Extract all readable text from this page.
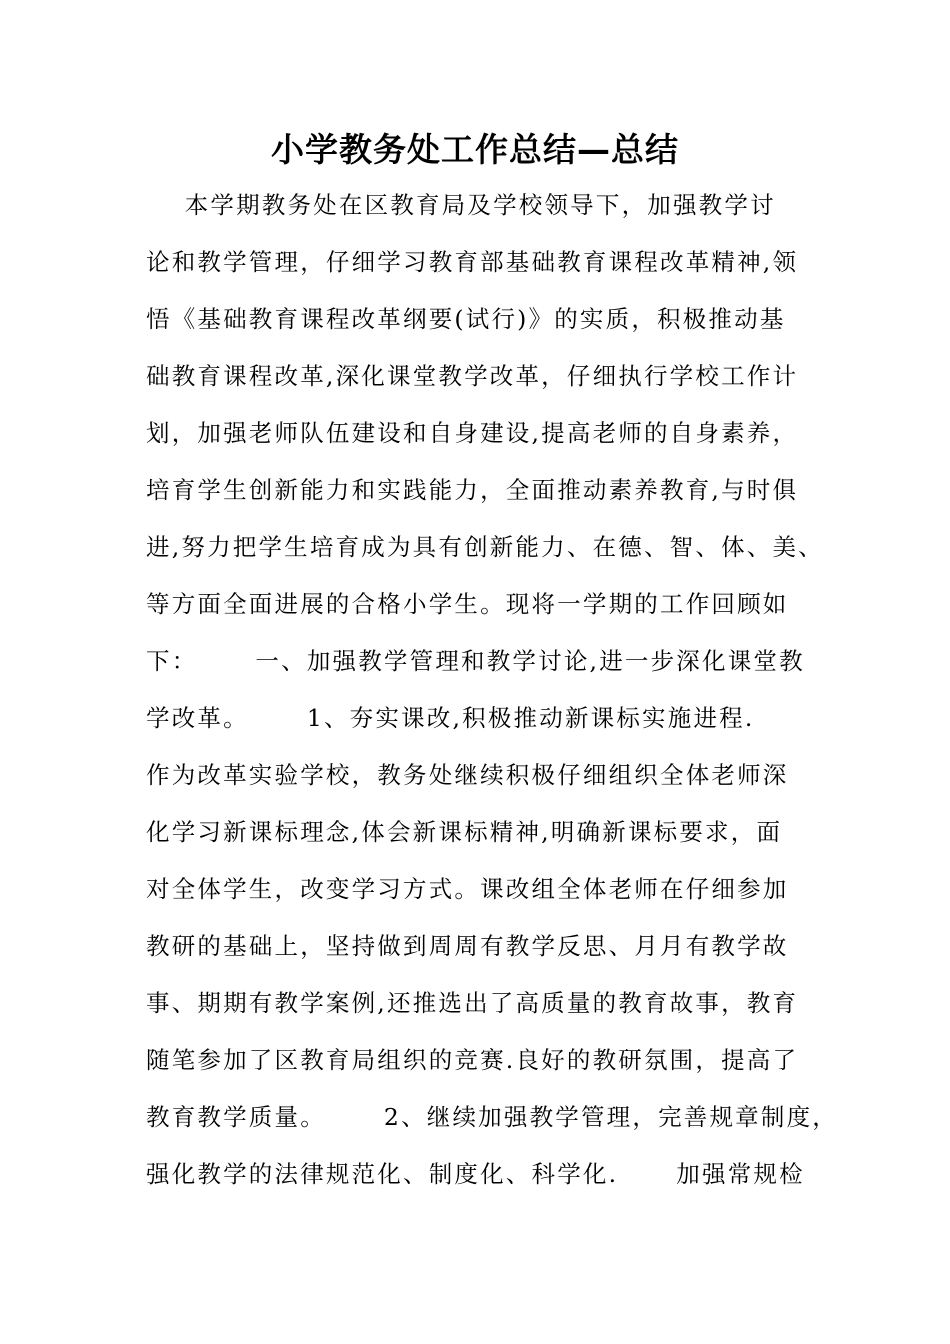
小学教务处工作总结—总结
本学期教务处在区教育局及学校领导下，加强教学讨
论和教学管理，仔细学习教育部基础教育课程改革精神,领
悟《基础教育课程改革纲要(试行)》的实质，积极推动基
础教育课程改革,深化课堂教学改革，仔细执行学校工作计
划，加强老师队伍建设和自身建设,提高老师的自身素养，
培育学生创新能力和实践能力，全面推动素养教育,与时俱
进,努力把学生培育成为具有创新能力、在德、智、体、美、
等方面全面进展的合格小学生。现将一学期的工作回顾如
下：      一、加强教学管理和教学讨论,进一步深化课堂教
学改革。      1、夯实课改,积极推动新课标实施进程.
作为改革实验学校，教务处继续积极仔细组织全体老师深
化学习新课标理念,体会新课标精神,明确新课标要求，面
对全体学生，改变学习方式。课改组全体老师在仔细参加
教研的基础上，坚持做到周周有教学反思、月月有教学故
事、期期有教学案例,还推选出了高质量的教育故事，教育
随笔参加了区教育局组织的竞赛.良好的教研氛围，提高了
教育教学质量。      2、继续加强教学管理，完善规章制度，
强化教学的法律规范化、制度化、科学化.      加强常规检
